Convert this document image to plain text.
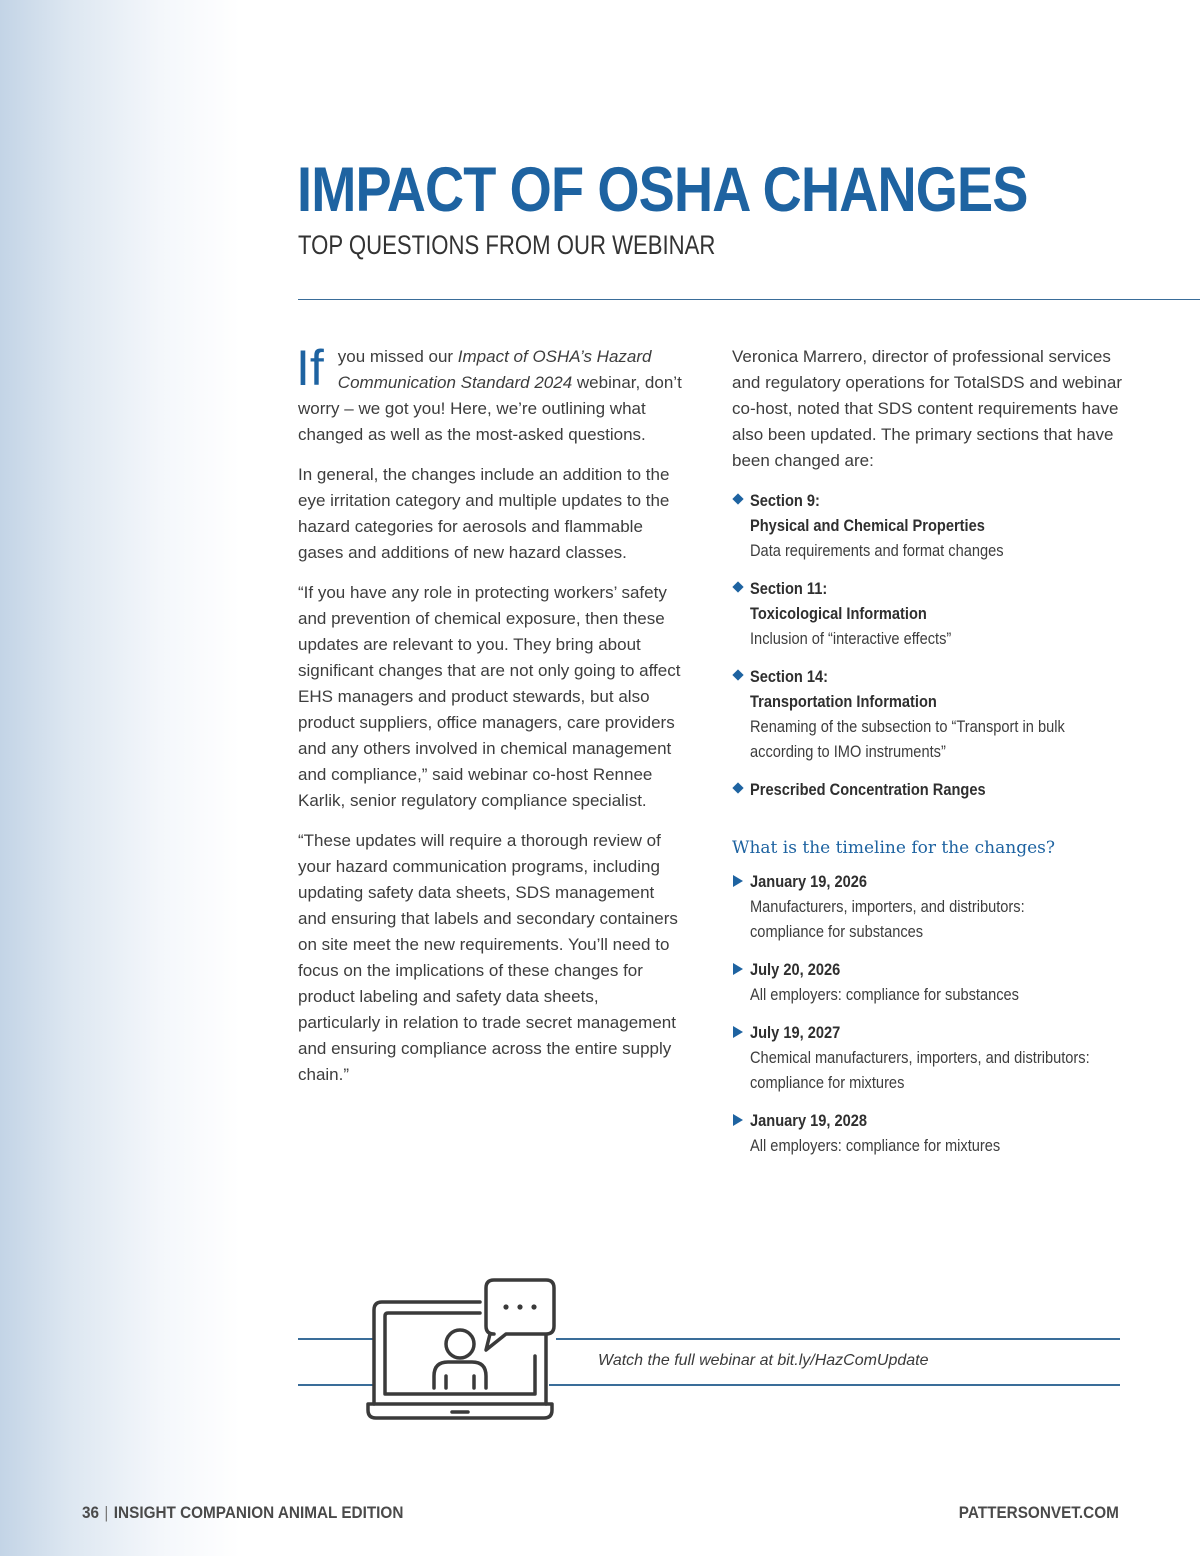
IMPACT OF OSHA CHANGES
TOP QUESTIONS FROM OUR WEBINAR

If you missed our Impact of OSHA’s Hazard Communication Standard 2024 webinar, don’t worry – we got you! Here, we’re outlining what changed as well as the most-asked questions.

In general, the changes include an addition to the eye irritation category and multiple updates to the hazard categories for aerosols and flammable gases and additions of new hazard classes.

“If you have any role in protecting workers’ safety and prevention of chemical exposure, then these updates are relevant to you. They bring about significant changes that are not only going to affect EHS managers and product stewards, but also product suppliers, office managers, care providers and any others involved in chemical management and compliance,” said webinar co-host Rennee Karlik, senior regulatory compliance specialist.

“These updates will require a thorough review of your hazard communication programs, including updating safety data sheets, SDS management and ensuring that labels and secondary containers on site meet the new requirements. You’ll need to focus on the implications of these changes for product labeling and safety data sheets, particularly in relation to trade secret management and ensuring compliance across the entire supply chain.”

Veronica Marrero, director of professional services and regulatory operations for TotalSDS and webinar co-host, noted that SDS content requirements have also been updated. The primary sections that have been changed are:

Section 9:
Physical and Chemical Properties
Data requirements and format changes
Section 11:
Toxicological Information
Inclusion of “interactive effects”
Section 14:
Transportation Information
Renaming of the subsection to “Transport in bulk
according to IMO instruments”
Prescribed Concentration Ranges
What is the timeline for the changes?
January 19, 2026
Manufacturers, importers, and distributors:
compliance for substances
July 20, 2026
All employers: compliance for substances
July 19, 2027
Chemical manufacturers, importers, and distributors:
compliance for mixtures
January 19, 2028
All employers: compliance for mixtures
Watch the full webinar at bit.ly/HazComUpdate
36 | INSIGHT COMPANION ANIMAL EDITION	PATTERSONVET.COM
